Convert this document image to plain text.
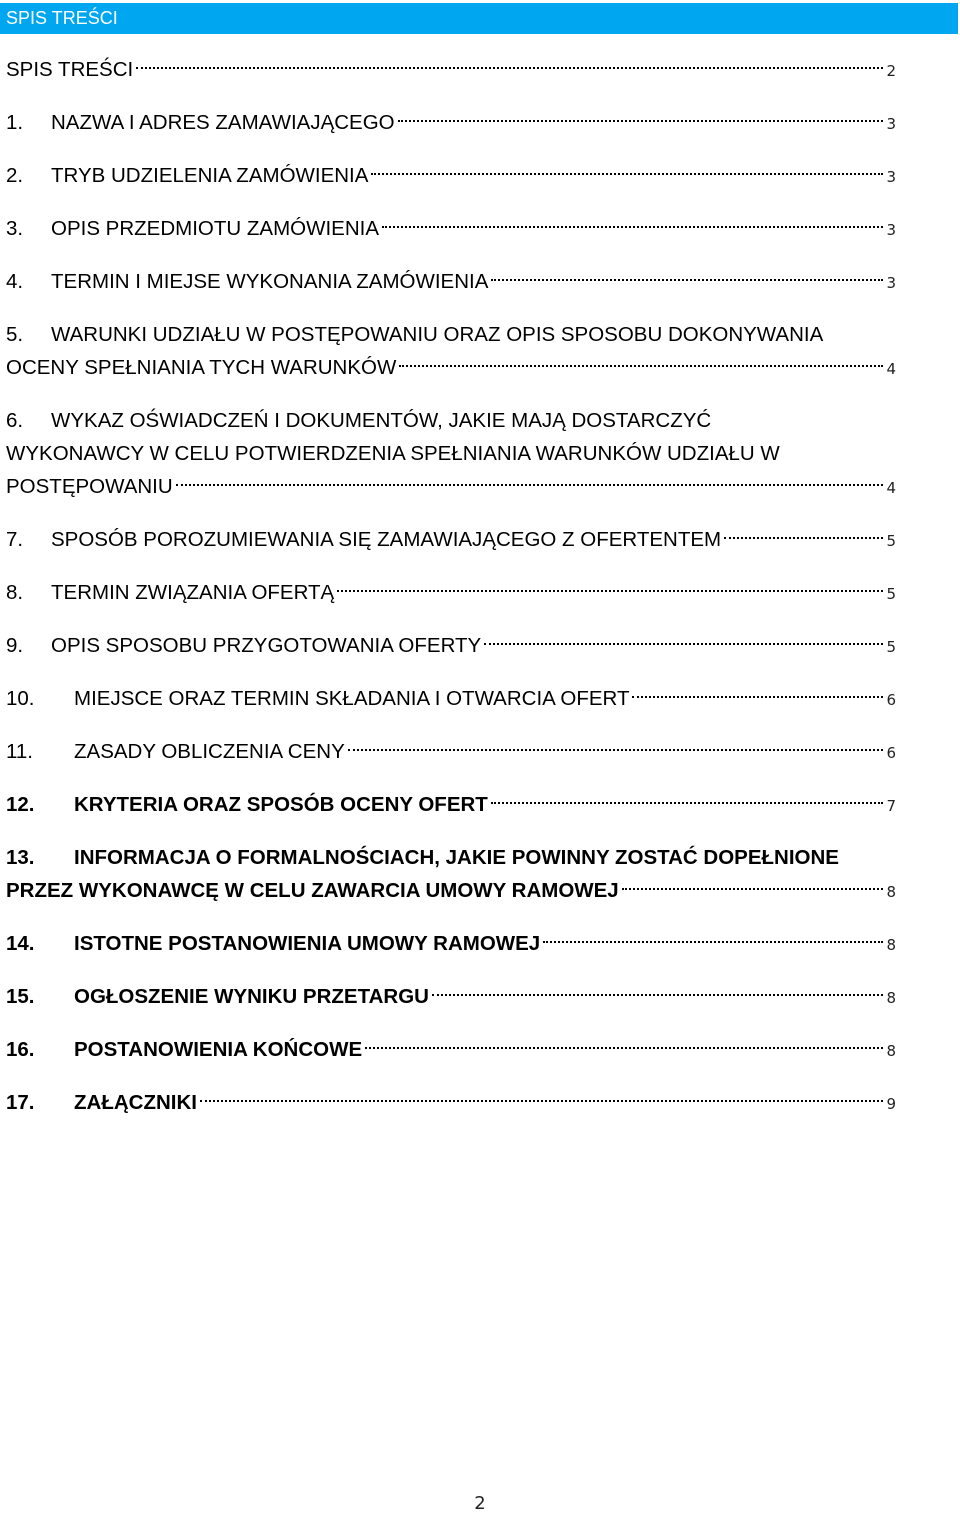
SPIS TREŚCI
SPIS TREŚCI	2
1.	NAZWA I ADRES ZAMAWIAJĄCEGO	3
2.	TRYB UDZIELENIA ZAMÓWIENIA	3
3.	OPIS PRZEDMIOTU ZAMÓWIENIA	3
4.	TERMIN I MIEJSE WYKONANIA ZAMÓWIENIA	3
5. WARUNKI UDZIAŁU W POSTĘPOWANIU ORAZ OPIS SPOSOBU DOKONYWANIA
OCENY SPEŁNIANIA TYCH WARUNKÓW	4
6. WYKAZ OŚWIADCZEŃ I DOKUMENTÓW, JAKIE MAJĄ DOSTARCZYĆ
WYKONAWCY W CELU POTWIERDZENIA SPEŁNIANIA WARUNKÓW UDZIAŁU W
POSTĘPOWANIU	4
7.	SPOSÓB POROZUMIEWANIA SIĘ ZAMAWIAJĄCEGO Z OFERTENTEM	5
8.	TERMIN ZWIĄZANIA OFERTĄ	5
9.	OPIS SPOSOBU PRZYGOTOWANIA OFERTY	5
10.	MIEJSCE ORAZ TERMIN SKŁADANIA I OTWARCIA OFERT	6
11.	ZASADY OBLICZENIA CENY	6
12.	KRYTERIA ORAZ SPOSÓB OCENY OFERT	7
13. INFORMACJA O FORMALNOŚCIACH, JAKIE POWINNY ZOSTAĆ DOPEŁNIONE
PRZEZ WYKONAWCĘ W CELU ZAWARCIA UMOWY RAMOWEJ	8
14.	ISTOTNE POSTANOWIENIA UMOWY RAMOWEJ	8
15.	OGŁOSZENIE WYNIKU PRZETARGU	8
16.	POSTANOWIENIA KOŃCOWE	8
17.	ZAŁĄCZNIKI	9
2
